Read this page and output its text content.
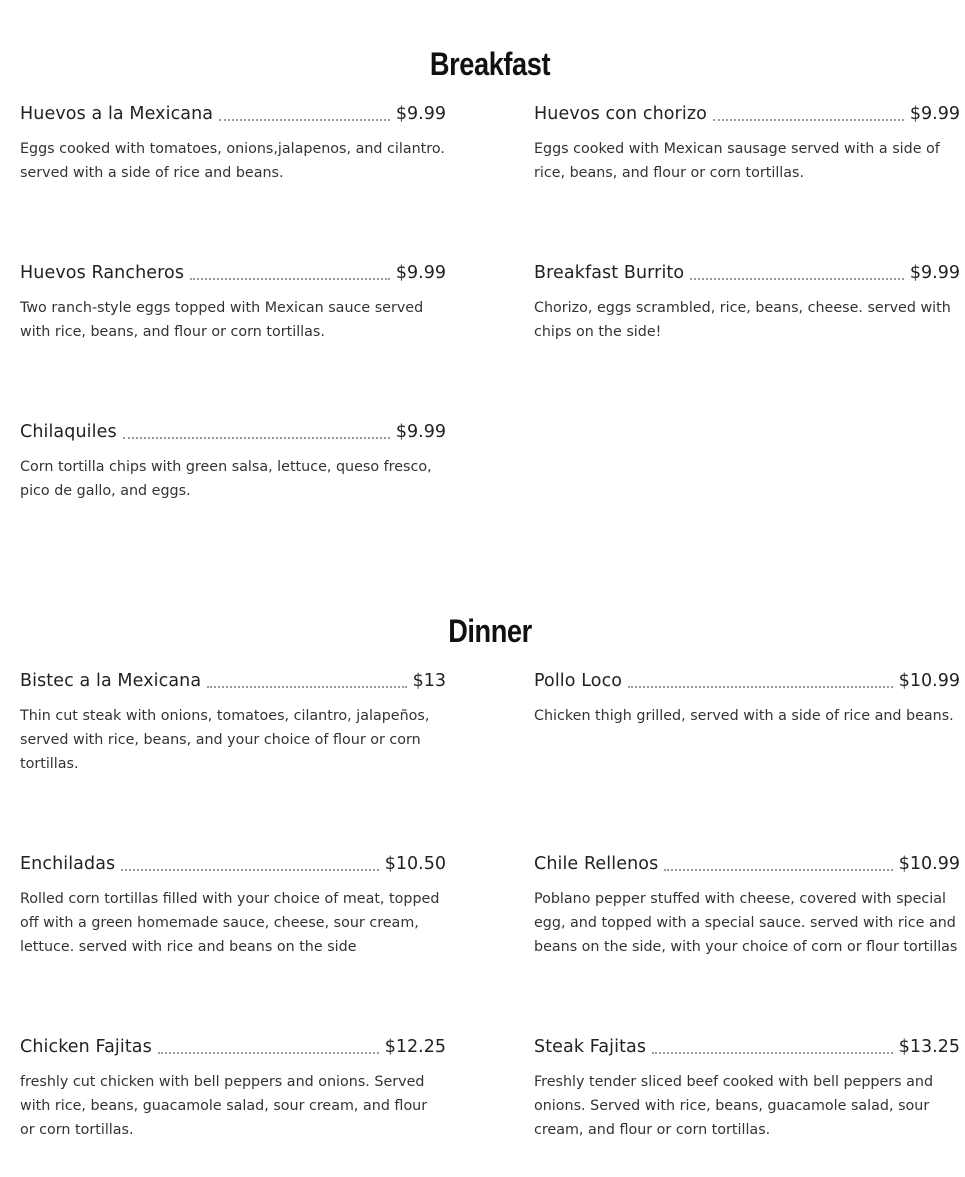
Breakfast
Huevos a la Mexicana	$9.99
Eggs cooked with tomatoes, onions,jalapenos, and cilantro. served with a side of rice and beans.
Huevos con chorizo	$9.99
Eggs cooked with Mexican sausage served with a side of rice, beans, and flour or corn tortillas.
Huevos Rancheros	$9.99
Two ranch-style eggs topped with Mexican sauce served with rice, beans, and flour or corn tortillas.
Breakfast Burrito	$9.99
Chorizo, eggs scrambled, rice, beans, cheese. served with chips on the side!
Chilaquiles	$9.99
Corn tortilla chips with green salsa, lettuce, queso fresco, pico de gallo, and eggs.
Dinner
Bistec a la Mexicana	$13
Thin cut steak with onions, tomatoes, cilantro, jalapeños, served with rice, beans, and your choice of flour or corn tortillas.
Pollo Loco	$10.99
Chicken thigh grilled, served with a side of rice and beans.
Enchiladas	$10.50
Rolled corn tortillas filled with your choice of meat, topped off with a green homemade sauce, cheese, sour cream, lettuce. served with rice and beans on the side
Chile Rellenos	$10.99
Poblano pepper stuffed with cheese, covered with special egg, and topped with a special sauce. served with rice and beans on the side, with your choice of corn or flour tortillas
Chicken Fajitas	$12.25
freshly cut chicken with bell peppers and onions. Served with rice, beans, guacamole salad, sour cream, and flour or corn tortillas.
Steak Fajitas	$13.25
Freshly tender sliced beef cooked with bell peppers and onions. Served with rice, beans, guacamole salad, sour cream, and flour or corn tortillas.
